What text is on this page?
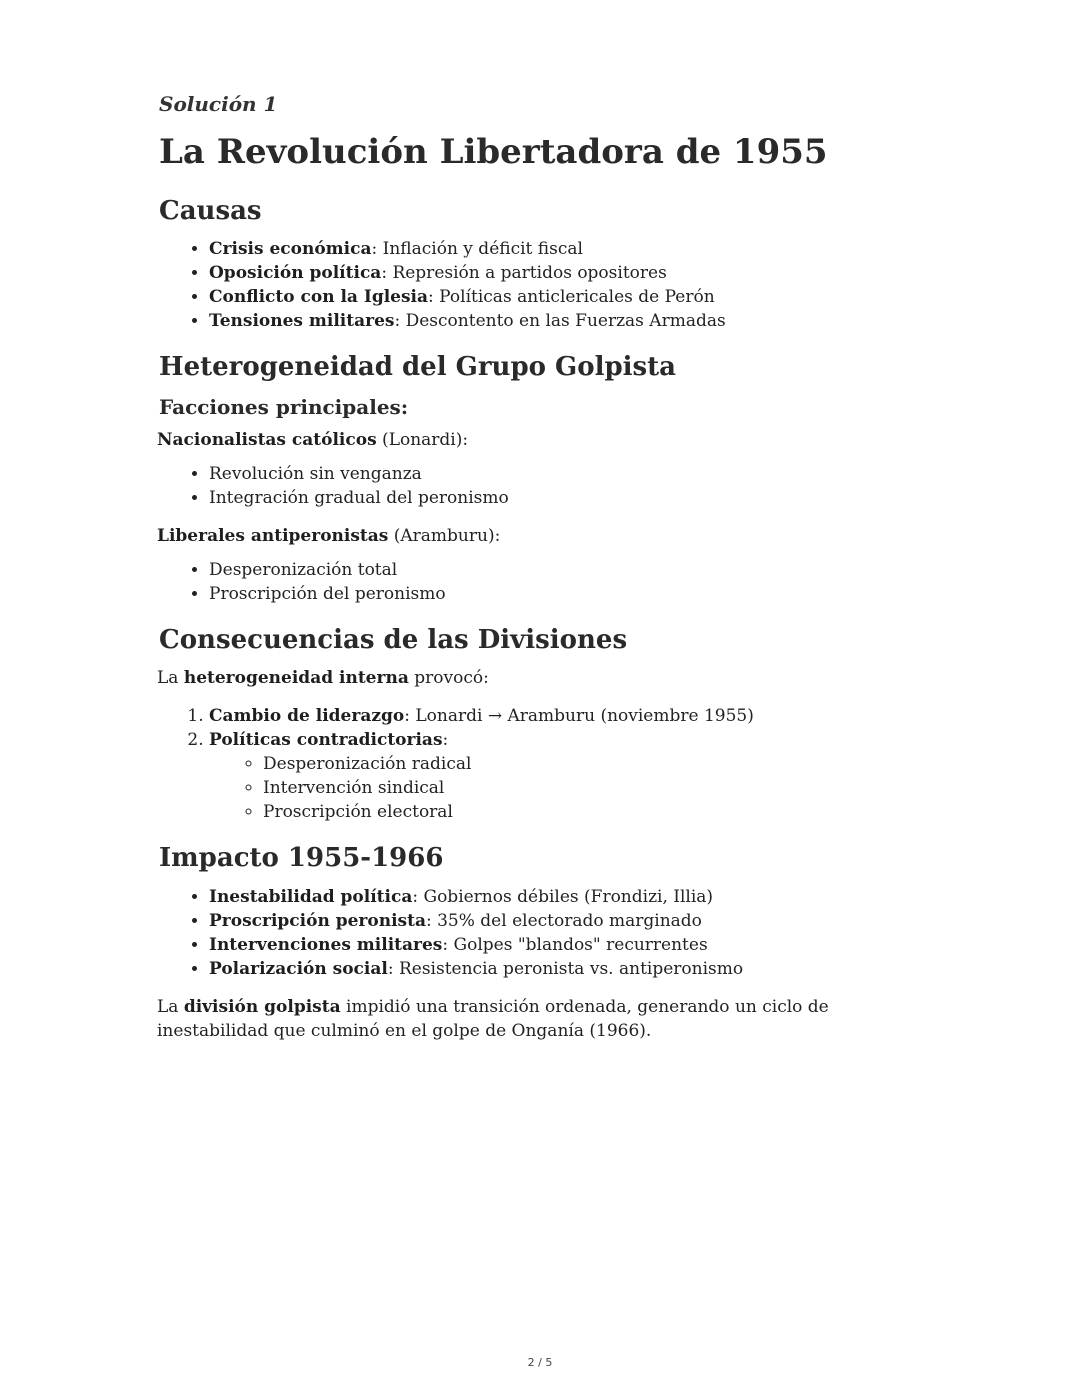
Solución 1
La Revolución Libertadora de 1955
Causas
• Crisis económica: Inflación y déficit fiscal
• Oposición política: Represión a partidos opositores
• Conflicto con la Iglesia: Políticas anticlericales de Perón
• Tensiones militares: Descontento en las Fuerzas Armadas
Heterogeneidad del Grupo Golpista
Facciones principales:

Nacionalistas católicos (Lonardi):

• Revolución sin venganza
• Integración gradual del peronismo

Liberales antiperonistas (Aramburu):

• Desperonización total
• Proscripción del peronismo
Consecuencias de las Divisiones

La heterogeneidad interna provocó:

1. Cambio de liderazgo: Lonardi → Aramburu (noviembre 1955)
2. Políticas contradictorias:
◦ Desperonización radical
◦ Intervención sindical
◦ Proscripción electoral
Impacto 1955-1966
• Inestabilidad política: Gobiernos débiles (Frondizi, Illia)
• Proscripción peronista: 35% del electorado marginado
• Intervenciones militares: Golpes "blandos" recurrentes
• Polarización social: Resistencia peronista vs. antiperonismo

La división golpista impidió una transición ordenada, generando un ciclo de inestabilidad que culminó en el golpe de Onganía (1966).

2 / 5
